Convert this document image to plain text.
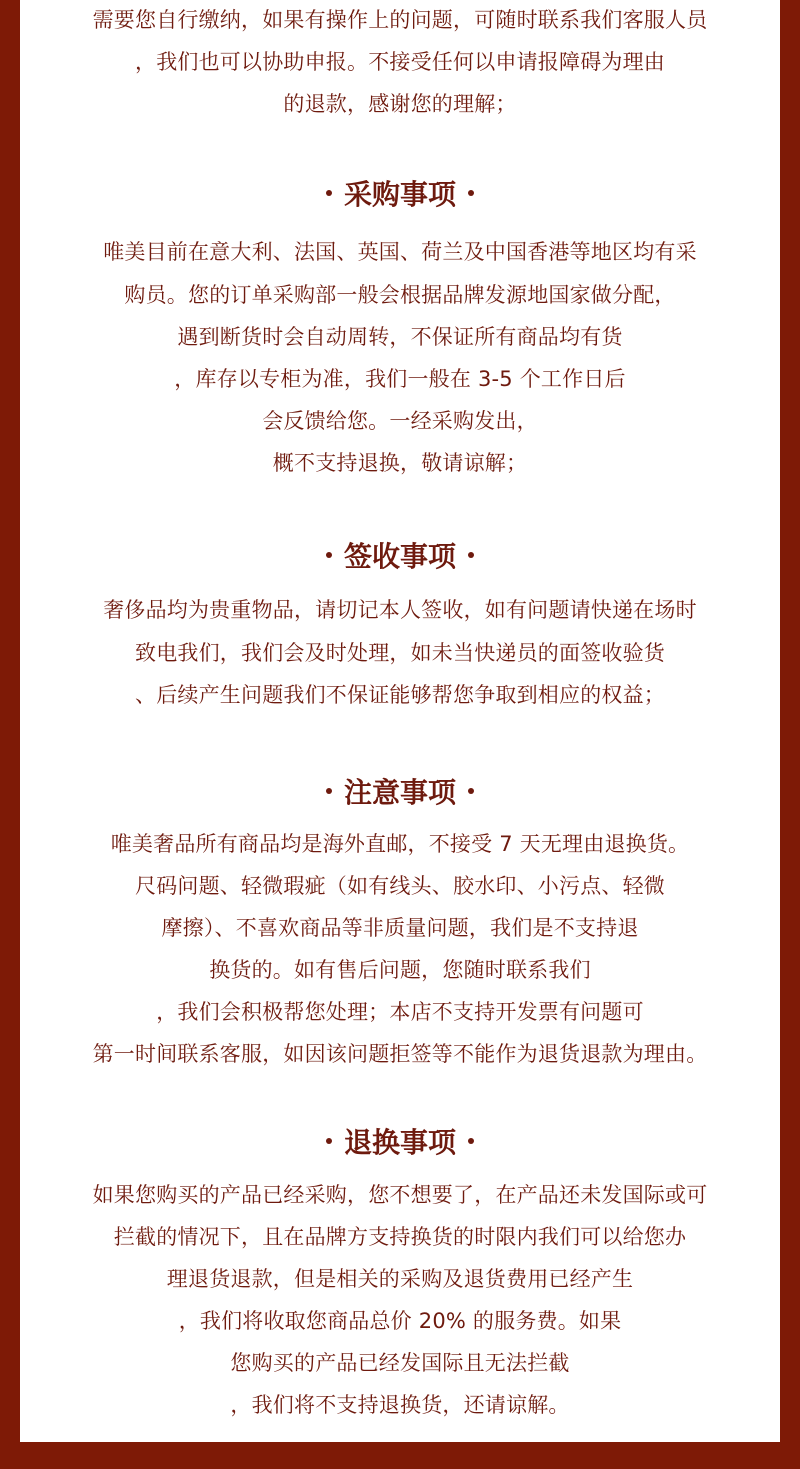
需要您自行缴纳，如果有操作上的问题，可随时联系我们客服人员
，我们也可以协助申报。不接受任何以申请报障碍为理由
的退款，感谢您的理解；
采购事项
唯美目前在意大利、法国、英国、荷兰及中国香港等地区均有采
购员。您的订单采购部一般会根据品牌发源地国家做分配，
遇到断货时会自动周转，不保证所有商品均有货
，库存以专柜为准，我们一般在 3-5 个工作日后
会反馈给您。一经采购发出，
概不支持退换，敬请谅解；
签收事项
奢侈品均为贵重物品，请切记本人签收，如有问题请快递在场时
致电我们，我们会及时处理，如未当快递员的面签收验货
、后续产生问题我们不保证能够帮您争取到相应的权益；
注意事项
唯美奢品所有商品均是海外直邮，不接受 7 天无理由退换货。
尺码问题、轻微瑕疵（如有线头、胶水印、小污点、轻微
摩擦）、不喜欢商品等非质量问题，我们是不支持退
换货的。如有售后问题，您随时联系我们
，我们会积极帮您处理；本店不支持开发票有问题可
第一时间联系客服，如因该问题拒签等不能作为退货退款为理由。
退换事项
如果您购买的产品已经采购，您不想要了，在产品还未发国际或可
拦截的情况下，且在品牌方支持换货的时限内我们可以给您办
理退货退款，但是相关的采购及退货费用已经产生
，我们将收取您商品总价 20% 的服务费。如果
您购买的产品已经发国际且无法拦截
，我们将不支持退换货，还请谅解。
